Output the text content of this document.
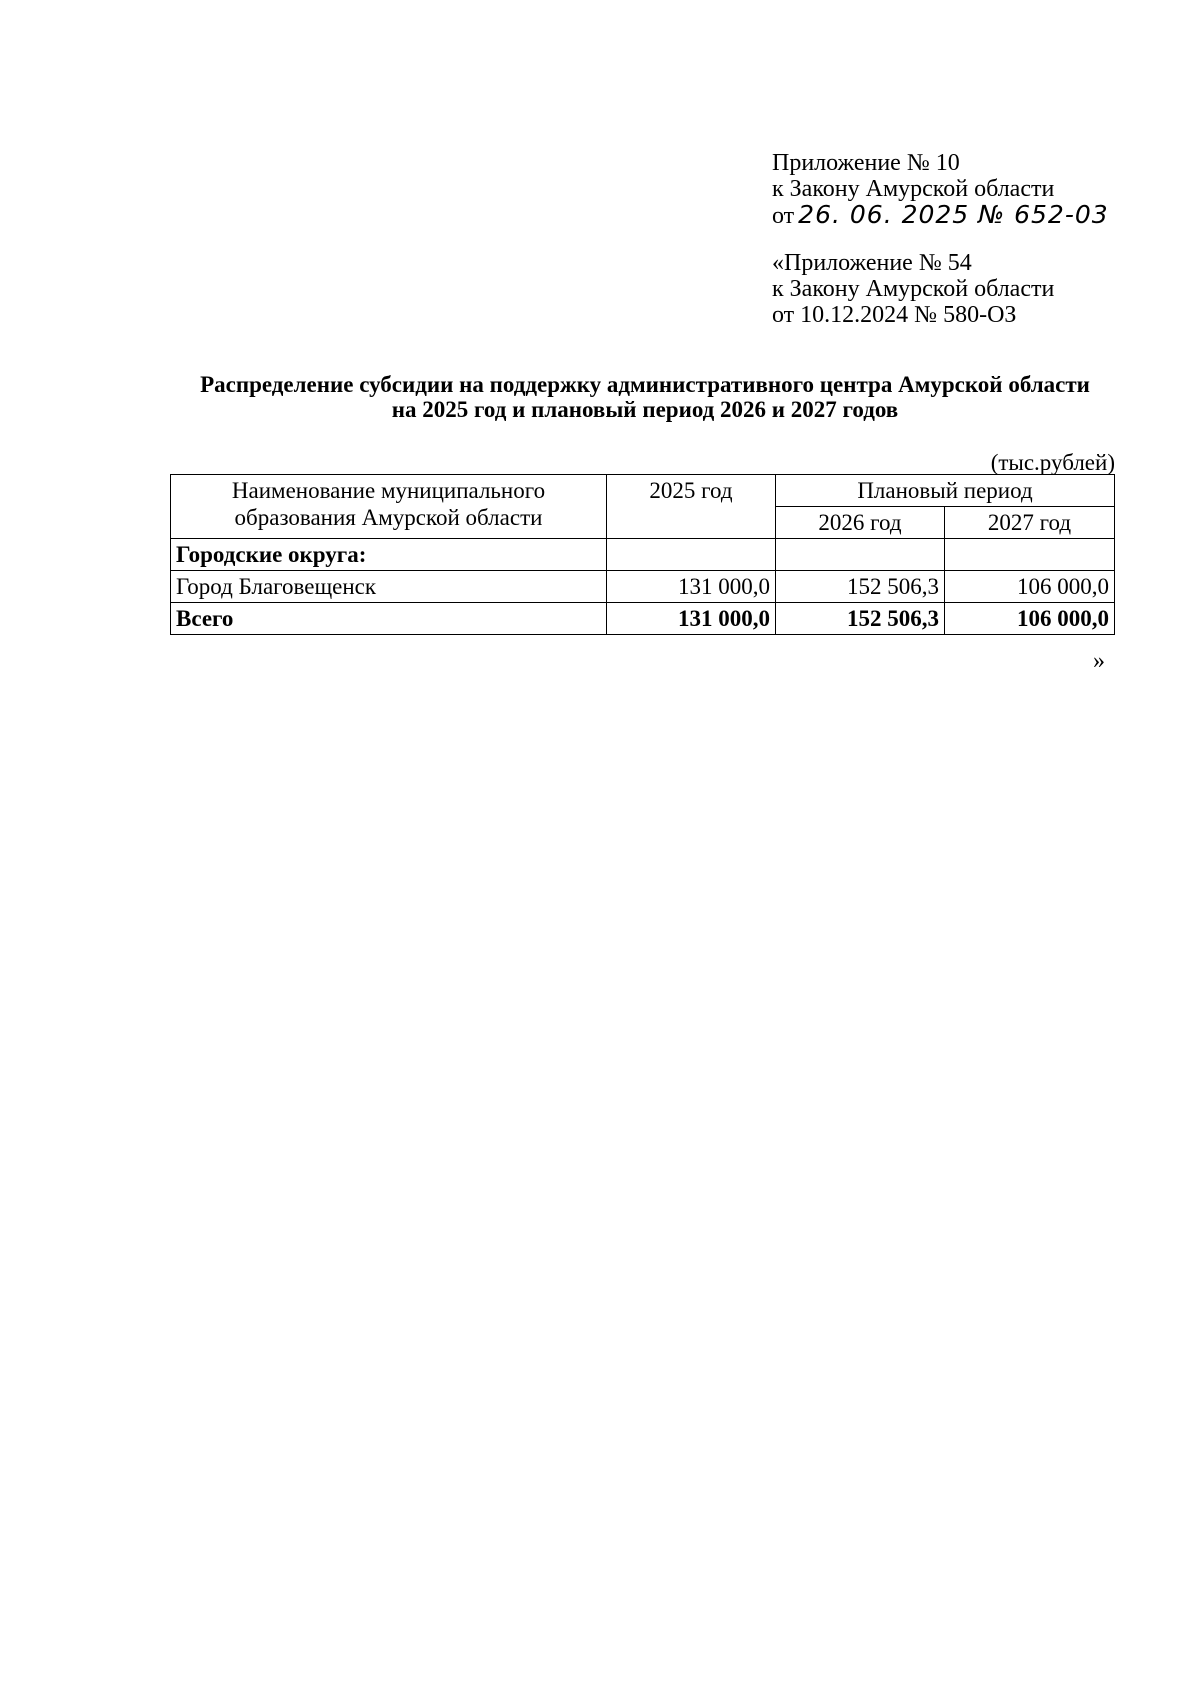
Приложение № 10
к Закону Амурской области
от 26. 06. 2025 № 652-03
«Приложение № 54
к Закону Амурской области
от 10.12.2024 № 580-ОЗ
Распределение субсидии на поддержку административного центра Амурской области
на 2025 год и плановый период 2026 и 2027 годов
(тыс.рублей)
Наименование муниципального
образования Амурской области	2025 год	Плановый период	
		2026 год	2027 год
Городские округа:			
Город Благовещенск	131 000,0	152 506,3	106 000,0
Всего	131 000,0	152 506,3	106 000,0
»
